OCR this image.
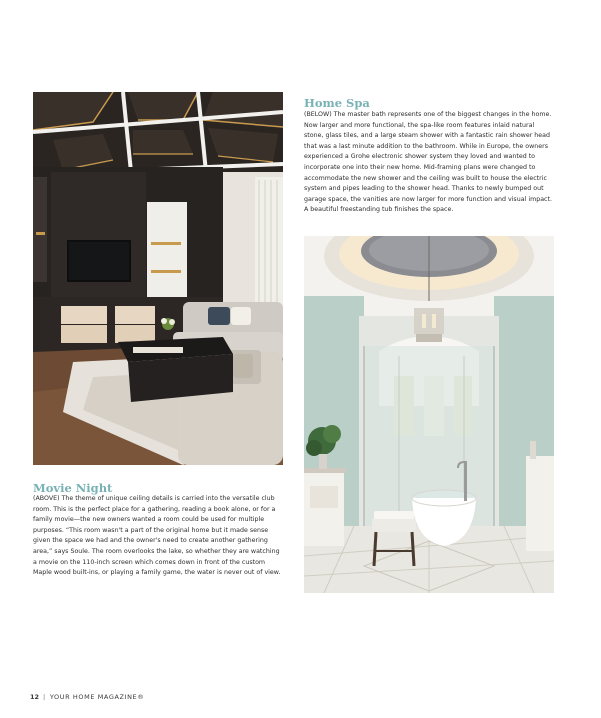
Home Spa

(BELOW) The master bath represents one of the biggest changes in the home. Now larger and more functional, the spa-like room features inlaid natural stone, glass tiles, and a large steam shower with a fantastic rain shower head that was a last minute addition to the bathroom. While in Europe, the owners experienced a Grohe electronic shower system they loved and wanted to incorporate one into their new home. Mid-framing plans were changed to accommodate the new shower and the ceiling was built to house the electric system and pipes leading to the shower head. Thanks to newly bumped out garage space, the vanities are now larger for more function and visual impact. A beautiful freestanding tub finishes the space.

Movie Night

(ABOVE) The theme of unique ceiling details is carried into the versatile club room. This is the perfect place for a gathering, reading a book alone, or for a family movie—the new owners wanted a room could be used for multiple purposes. “This room wasn't a part of the original home but it made sense given the space we had and the owner's need to create another gathering area,” says Soule. The room overlooks the lake, so whether they are watching a movie on the 110-inch screen which comes down in front of the custom Maple wood built-ins, or playing a family game, the water is never out of view.

12 | YOUR HOME MAGAZINE®
